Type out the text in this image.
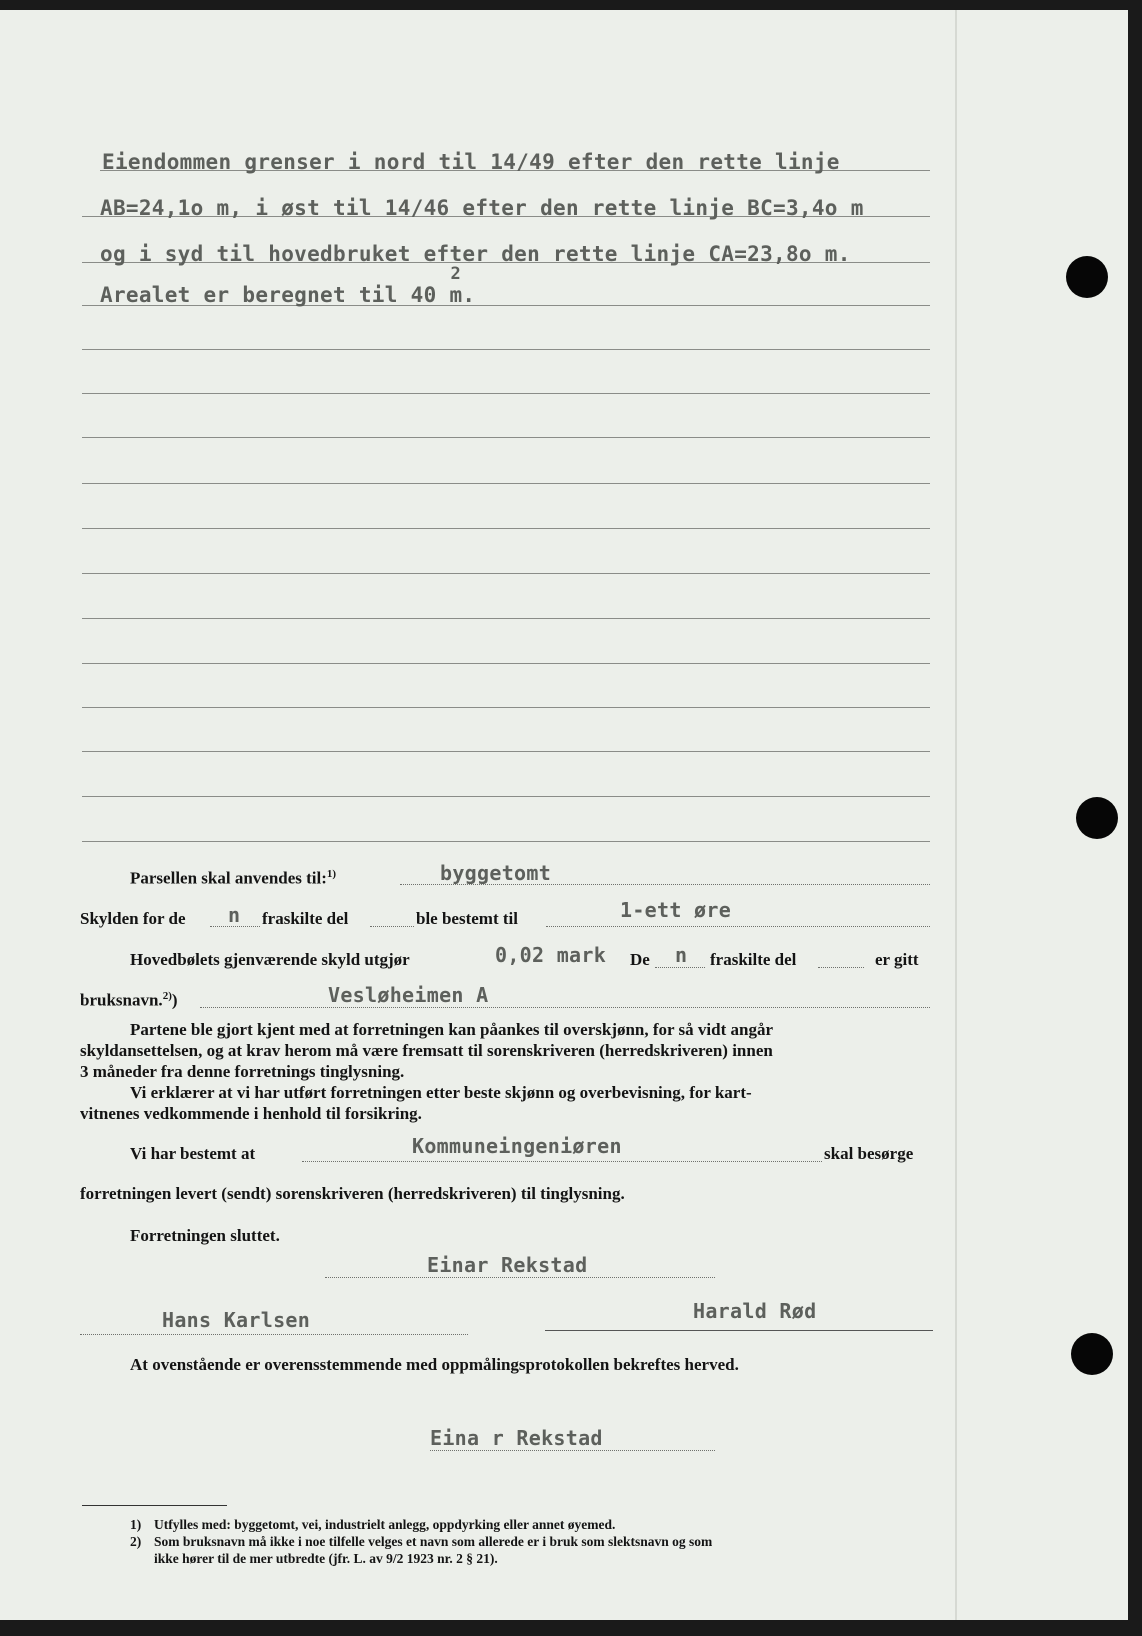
Eiendommen grenser i nord til 14/49 efter den rette linje
AB=24,1o m, i øst til 14/46 efter den rette linje BC=3,4o m
og i syd til hovedbruket efter den rette linje CA=23,8o m.
Arealet er beregnet til 40
2
m.
Parsellen skal anvendes til:$^{1)}$	byggetomt
Skylden for de n fraskilte del	ble bestemt til	1-ett øre
Hovedbølets gjenværende skyld utgjør	0,02 mark De n fraskilte del	er gitt
bruksnavn.$^{2)}$)	Vesløheimen A
Partene ble gjort kjent med at forretningen kan påankes til overskjønn, for så vidt angår
skyldansettelsen, og at krav herom må være fremsatt til sorenskriveren (herredskriveren) innen
3 måneder fra denne forretnings tinglysning.
Vi erklærer at vi har utført forretningen etter beste skjønn og overbevisning, for kart-
vitnenes vedkommende i henhold til forsikring.
Vi har bestemt at	Kommuneingeniøren	skal besørge
forretningen levert (sendt) sorenskriveren (herredskriveren) til tinglysning.
Forretningen sluttet.
Einar Rekstad
Hans Karlsen	Harald Rød
At ovenstående er overensstemmende med oppmålingsprotokollen bekreftes herved.
Eina r Rekstad
1) Utfylles med: byggetomt, vei, industrielt anlegg, oppdyrking eller annet øyemed.
2) Som bruksnavn må ikke i noe tilfelle velges et navn som allerede er i bruk som slektsnavn og som
ikke hører til de mer utbredte (jfr. L. av 9/2 1923 nr. 2 § 21).
